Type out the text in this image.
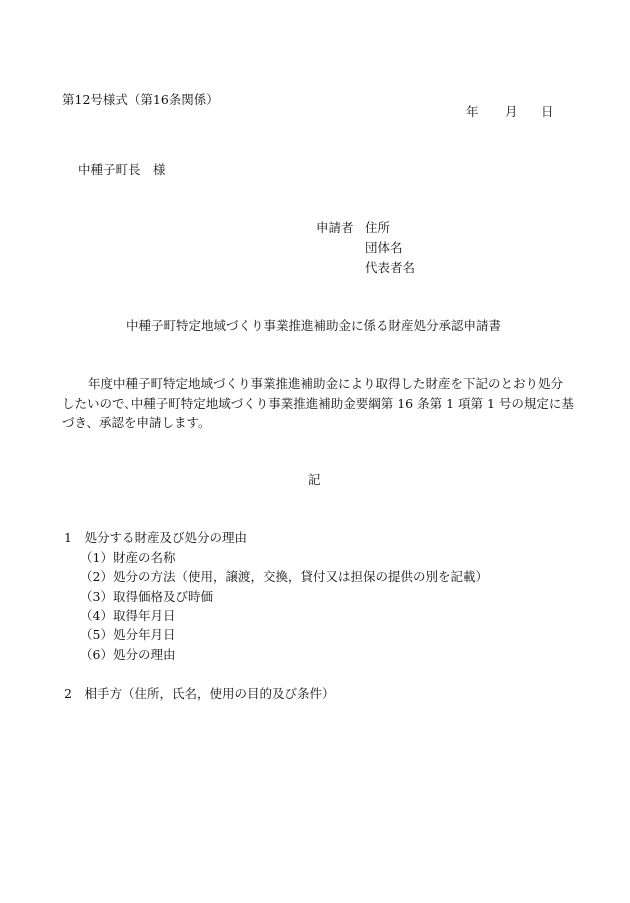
第12号様式（第16条関係）
年 月 日
中種子町長　様
申請者 住所
団体名
代表者名
中種子町特定地域づくり事業推進補助金に係る財産処分承認申請書
年度中種子町特定地域づくり事業推進補助金により取得した財産を下記のとおり処分
したいので､中種子町特定地域づくり事業推進補助金要綱第 16 条第 1 項第 1 号の規定に基
づき、承認を申請します。
記
1　処分する財産及び処分の理由
（1）財産の名称
（2）処分の方法（使用，譲渡，交換，貸付又は担保の提供の別を記載）
（3）取得価格及び時価
（4）取得年月日
（5）処分年月日
（6）処分の理由
2　相手方（住所，氏名，使用の目的及び条件）
